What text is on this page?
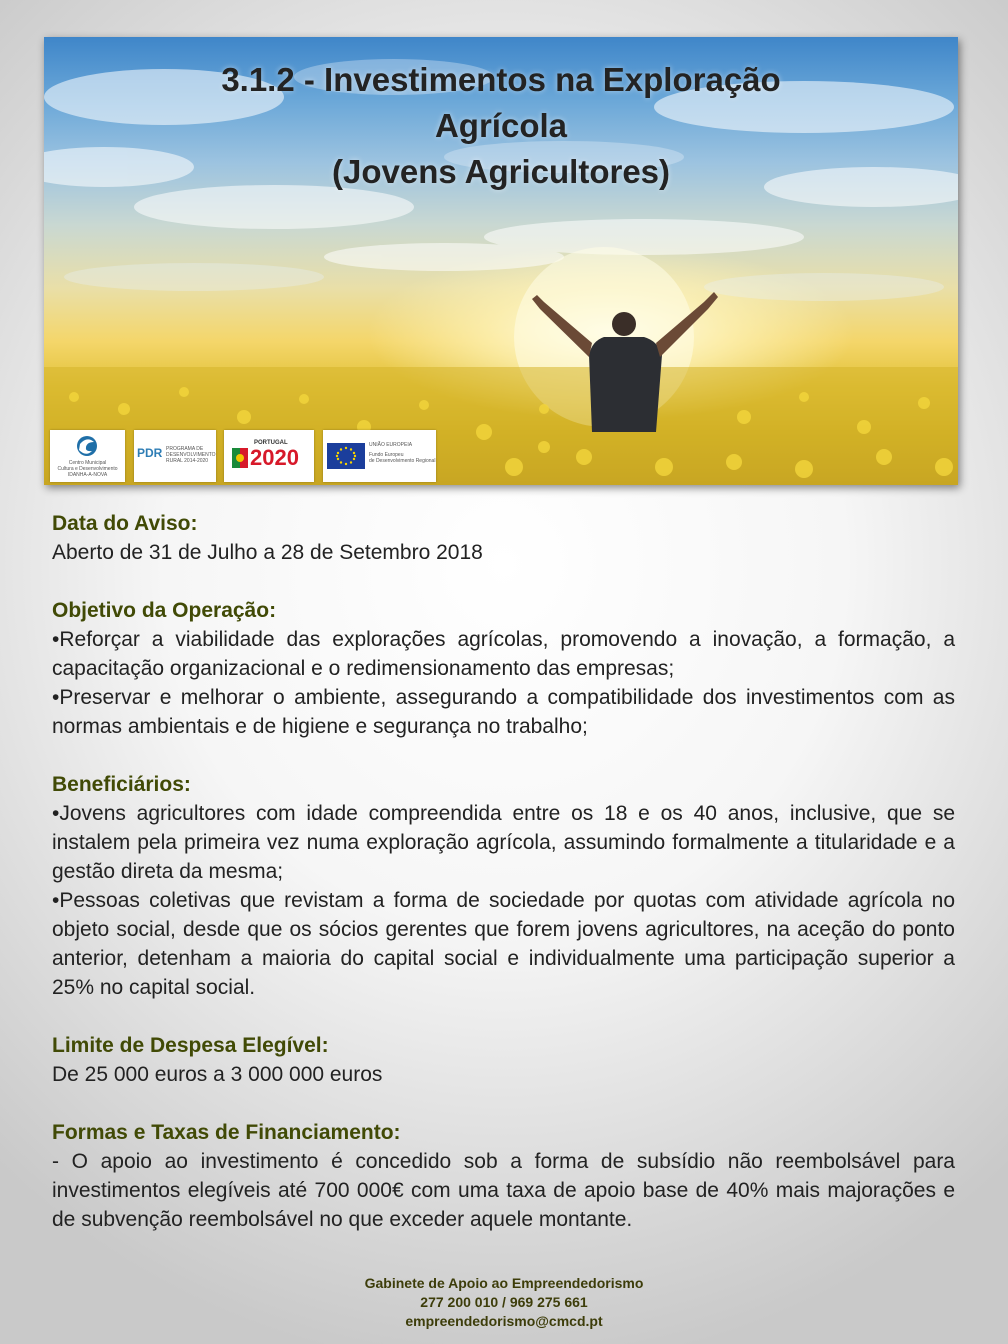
3.1.2 - Investimentos na Exploração
Agrícola
(Jovens Agricultores)
Centro Municipal
Cultura e Desenvolvimento
IDANHA-A-NOVA
PDR PROGRAMA DE
DESENVOLVIMENTO
RURAL 2014-2020
PORTUGAL
2020	UNIÃO EUROPEIA
Fundo Europeu
de Desenvolvimento Regional
Data do Aviso:

Aberto de 31 de Julho a 28 de Setembro 2018

Objetivo da Operação:

•Reforçar a viabilidade das explorações agrícolas, promovendo a inovação, a formação, a capacitação organizacional e o redimensionamento das empresas;

•Preservar e melhorar o ambiente, assegurando a compatibilidade dos investimentos com as normas ambientais e de higiene e segurança no trabalho;

Beneficiários:

•Jovens agricultores com idade compreendida entre os 18 e os 40 anos, inclusive, que se instalem pela primeira vez numa exploração agrícola, assumindo formalmente a titularidade e a gestão direta da mesma;

•Pessoas coletivas que revistam a forma de sociedade por quotas com atividade agrícola no objeto social, desde que os sócios gerentes que forem jovens agricultores, na aceção do ponto anterior, detenham a maioria do capital social e individualmente uma participação superior a 25% no capital social.

Limite de Despesa Elegível:

De 25 000 euros a 3 000 000 euros

Formas e Taxas de Financiamento:

- O apoio ao investimento é concedido sob a forma de subsídio não reembolsável para investimentos elegíveis até 700 000€ com uma taxa de apoio base de 40% mais majorações e de subvenção reembolsável no que exceder aquele montante.

Gabinete de Apoio ao Empreendedorismo
277 200 010 / 969 275 661
empreendedorismo@cmcd.pt
